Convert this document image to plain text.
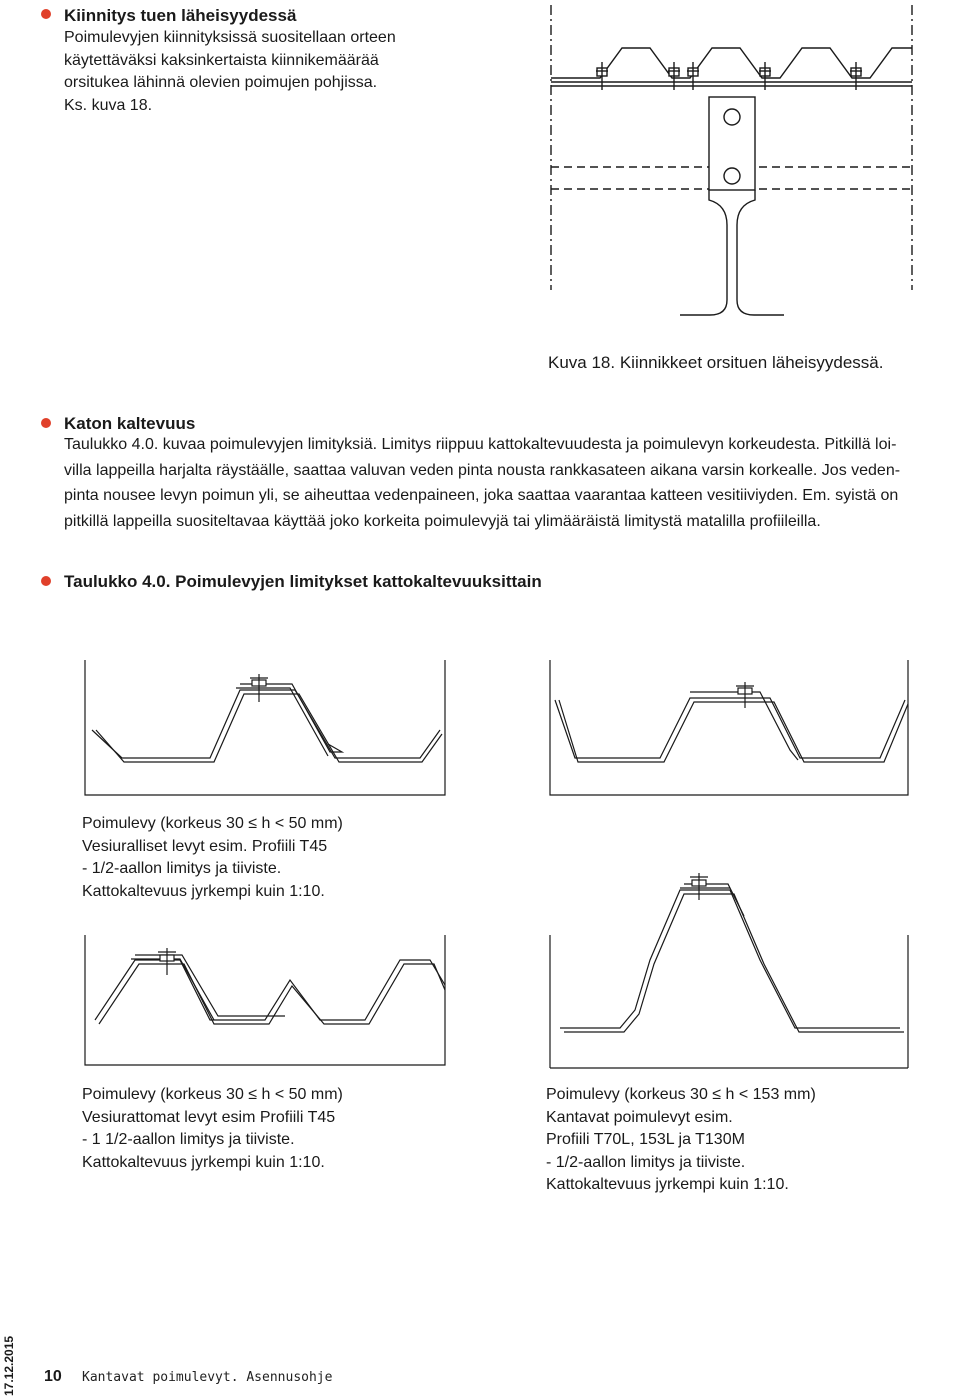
Kiinnitys tuen läheisyydessä
Poimulevyjen kiinnityksissä suositellaan orteen
käytettäväksi kaksinkertaista kiinnikemäärää
orsitukea lähinnä olevien poimujen pohjissa.
Ks. kuva 18.
Kuva 18. Kiinnikkeet orsituen läheisyydessä.
Katon kaltevuus
Taulukko 4.0. kuvaa poimulevyjen limityksiä. Limitys riippuu kattokaltevuudesta ja poimulevyn korkeudesta. Pitkillä loi-
villa lappeilla harjalta räystäälle, saattaa valuvan veden pinta nousta rankkasateen aikana varsin korkealle. Jos veden-
pinta nousee levyn poimun yli, se aiheuttaa vedenpaineen, joka saattaa vaarantaa katteen vesitiiviyden. Em. syistä on
pitkillä lappeilla suositeltavaa käyttää joko korkeita poimulevyjä tai ylimääräistä limitystä matalilla profiileilla.
Taulukko 4.0. Poimulevyjen limitykset kattokaltevuuksittain
Poimulevy (korkeus 30 ≤ h < 50 mm)
Vesiuralliset levyt esim. Profiili T45
- 1/2-aallon limitys ja tiiviste.
Kattokaltevuus jyrkempi kuin 1:10.
Poimulevy (korkeus 30 ≤ h < 50 mm)
Vesiurattomat levyt esim Profiili T45
- 1 1/2-aallon limitys ja tiiviste.
Kattokaltevuus jyrkempi kuin 1:10.
Poimulevy (korkeus 30 ≤ h < 153 mm)
Kantavat poimulevyt esim.
Profiili T70L, 153L ja T130M
- 1/2-aallon limitys ja tiiviste.
Kattokaltevuus jyrkempi kuin 1:10.
17.12.2015 10 Kantavat poimulevyt. Asennusohje
